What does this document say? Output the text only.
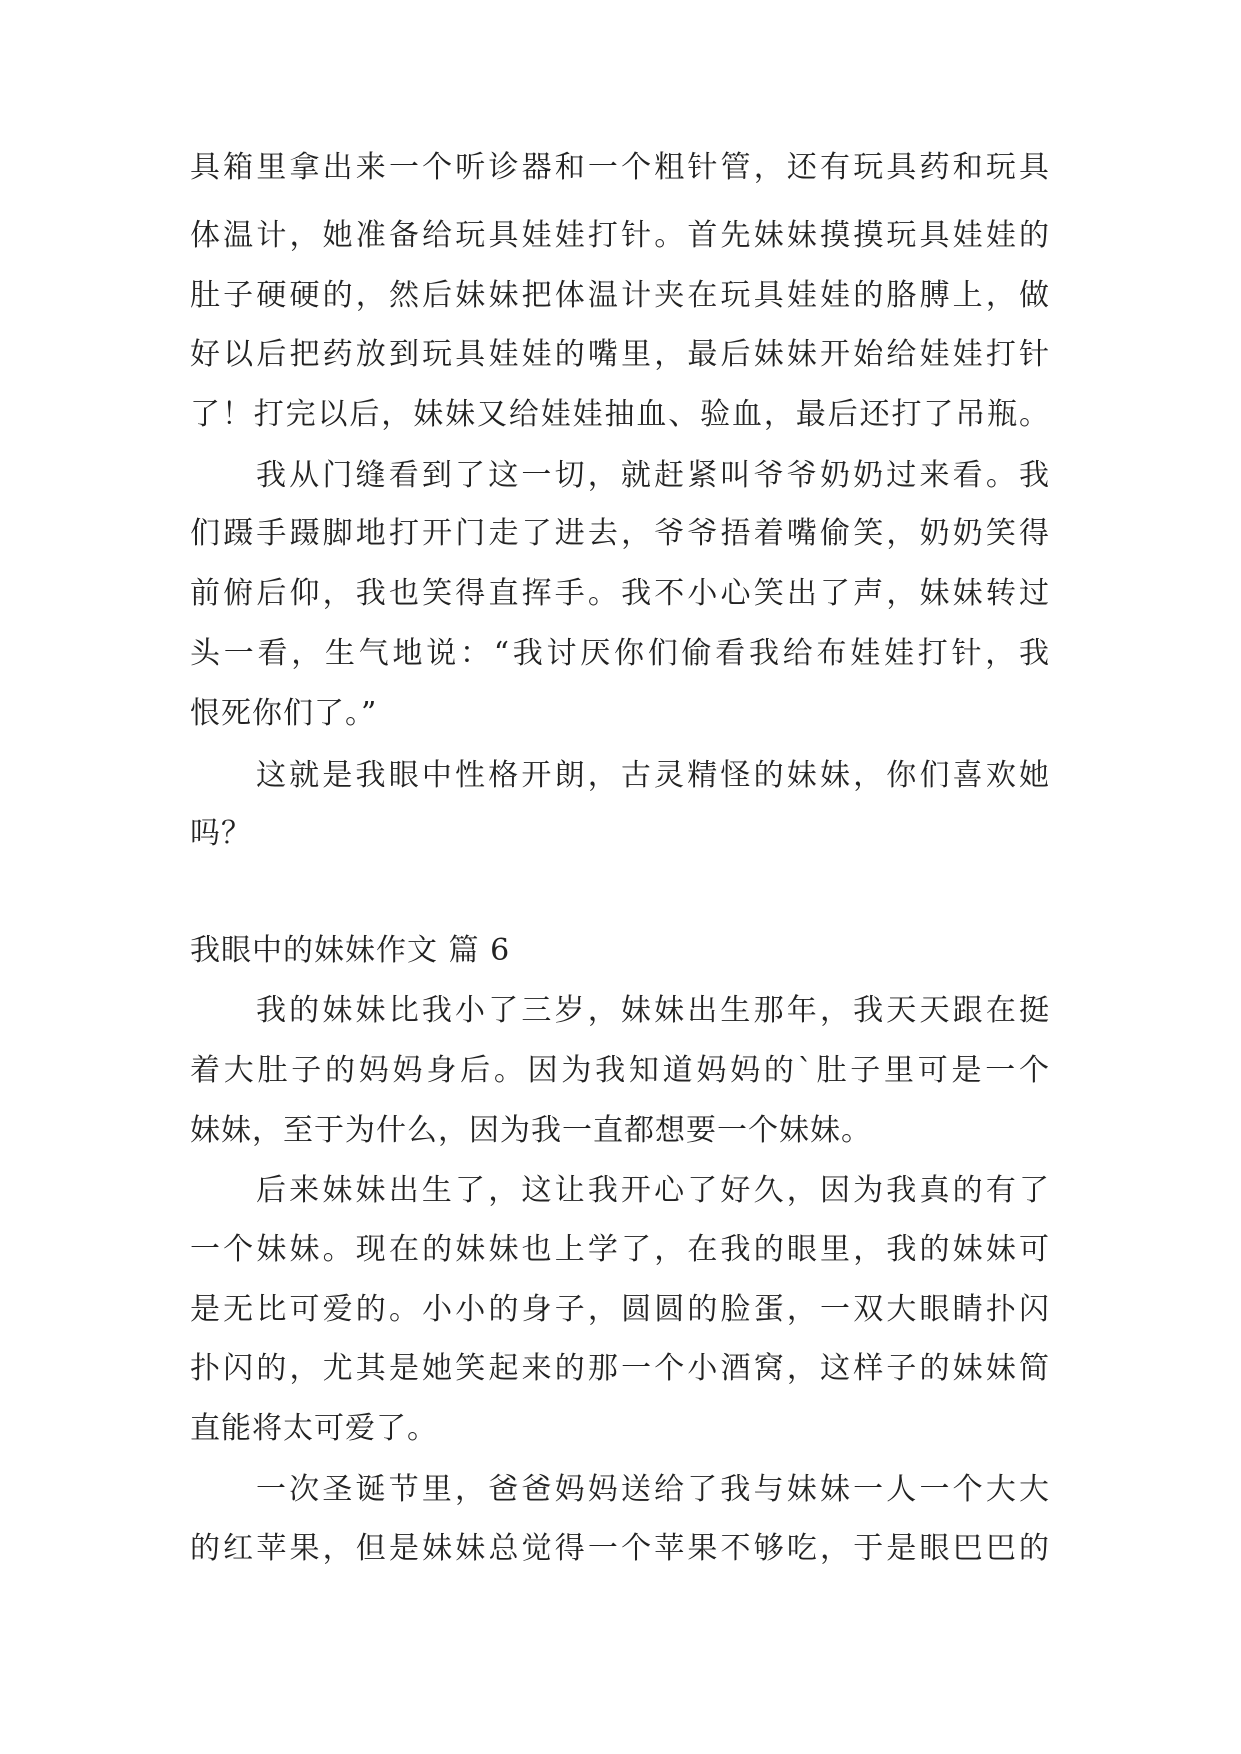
具箱里拿出来一个听诊器和一个粗针管，还有玩具药和玩具
体温计，她准备给玩具娃娃打针。首先妹妹摸摸玩具娃娃的
肚子硬硬的，然后妹妹把体温计夹在玩具娃娃的胳膊上，做
好以后把药放到玩具娃娃的嘴里，最后妹妹开始给娃娃打针
了！打完以后，妹妹又给娃娃抽血、验血，最后还打了吊瓶。
我从门缝看到了这一切，就赶紧叫爷爷奶奶过来看。我
们蹑手蹑脚地打开门走了进去，爷爷捂着嘴偷笑，奶奶笑得
前俯后仰，我也笑得直挥手。我不小心笑出了声，妹妹转过
头一看，生气地说：“我讨厌你们偷看我给布娃娃打针，我
恨死你们了。”
这就是我眼中性格开朗，古灵精怪的妹妹，你们喜欢她
吗？
我眼中的妹妹作文 篇 6
我的妹妹比我小了三岁，妹妹出生那年，我天天跟在挺
着大肚子的妈妈身后。因为我知道妈妈的`肚子里可是一个
妹妹，至于为什么，因为我一直都想要一个妹妹。
后来妹妹出生了，这让我开心了好久，因为我真的有了
一个妹妹。现在的妹妹也上学了，在我的眼里，我的妹妹可
是无比可爱的。小小的身子，圆圆的脸蛋，一双大眼睛扑闪
扑闪的，尤其是她笑起来的那一个小酒窝，这样子的妹妹简
直能将太可爱了。
一次圣诞节里，爸爸妈妈送给了我与妹妹一人一个大大
的红苹果，但是妹妹总觉得一个苹果不够吃，于是眼巴巴的
